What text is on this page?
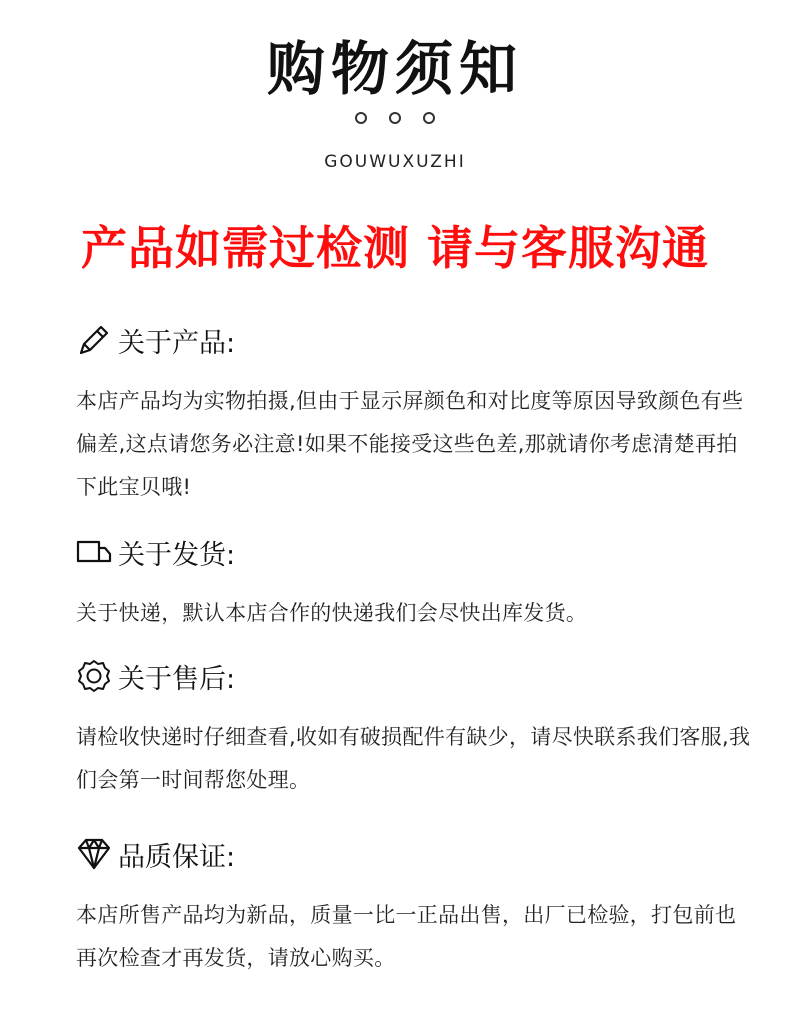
购物须知
GOUWUXUZHI
产品如需过检测 请与客服沟通
关于产品:
本店产品均为实物拍摄,但由于显示屏颜色和对比度等原因导致颜色有些偏差,这点请您务必注意!如果不能接受这些色差,那就请你考虑清楚再拍下此宝贝哦!
关于发货:
关于快递，默认本店合作的快递我们会尽快出库发货。
关于售后:
请检收快递时仔细查看,收如有破损配件有缺少，请尽快联系我们客服,我们会第一时间帮您处理。
品质保证:
本店所售产品均为新品，质量一比一正品出售，出厂已检验，打包前也再次检查才再发货，请放心购买。
